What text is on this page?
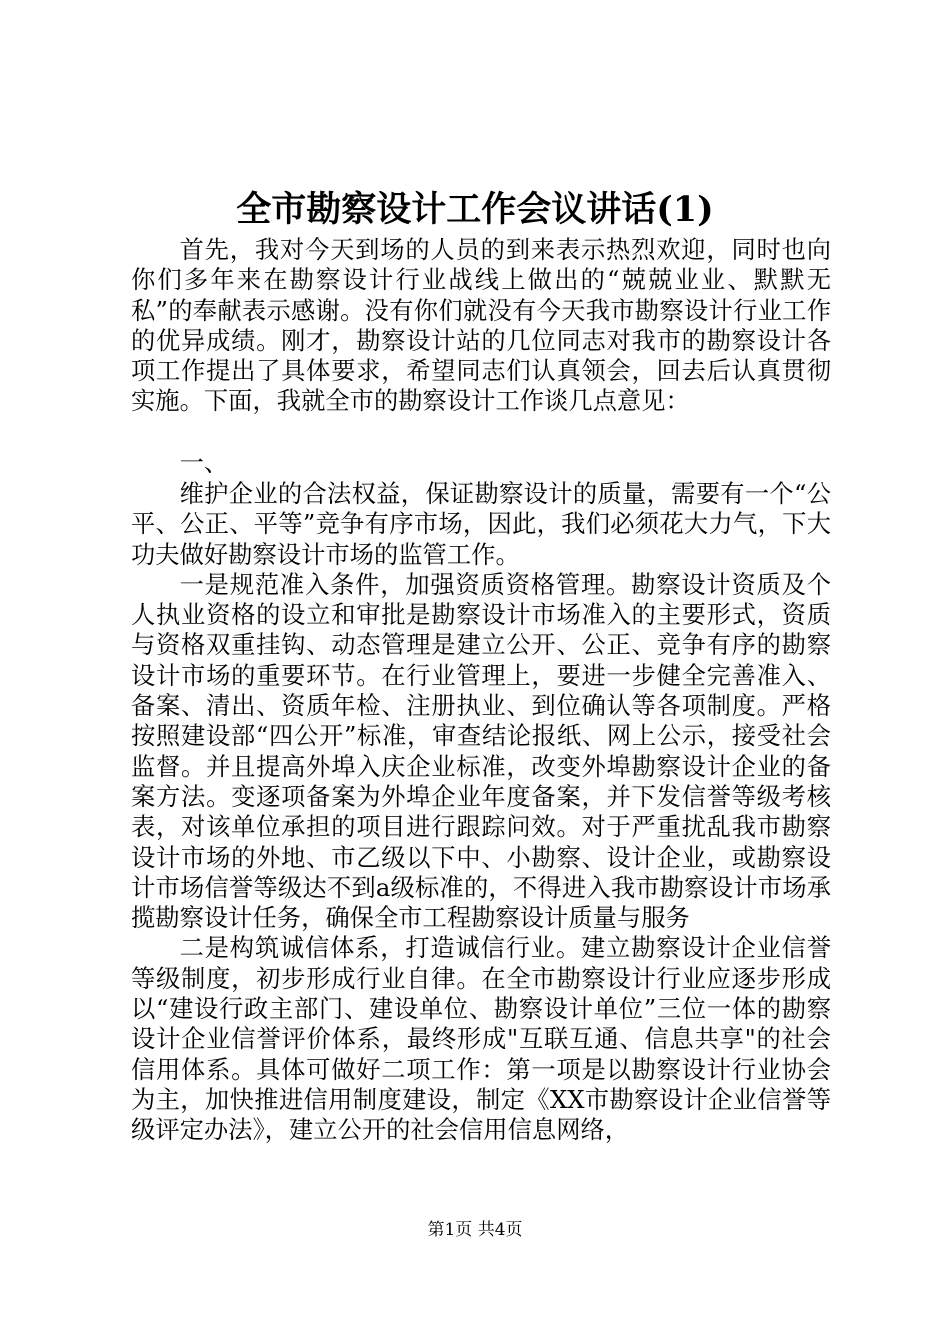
全市勘察设计工作会议讲话(1)

首先，我对今天到场的人员的到来表示热烈欢迎，同时也向你们多年来在勘察设计行业战线上做出的“兢兢业业、默默无私”的奉献表示感谢。没有你们就没有今天我市勘察设计行业工作的优异成绩。刚才，勘察设计站的几位同志对我市的勘察设计各项工作提出了具体要求，希望同志们认真领会，回去后认真贯彻实施。下面，我就全市的勘察设计工作谈几点意见：

一、

维护企业的合法权益，保证勘察设计的质量，需要有一个“公平、公正、平等”竞争有序市场，因此，我们必须花大力气，下大功夫做好勘察设计市场的监管工作。

一是规范准入条件，加强资质资格管理。勘察设计资质及个人执业资格的设立和审批是勘察设计市场准入的主要形式，资质与资格双重挂钩、动态管理是建立公开、公正、竞争有序的勘察设计市场的重要环节。在行业管理上，要进一步健全完善准入、备案、清出、资质年检、注册执业、到位确认等各项制度。严格按照建设部“四公开”标准，审查结论报纸、网上公示，接受社会监督。并且提高外埠入庆企业标准，改变外埠勘察设计企业的备案方法。变逐项备案为外埠企业年度备案，并下发信誉等级考核表，对该单位承担的项目进行跟踪问效。对于严重扰乱我市勘察设计市场的外地、市乙级以下中、小勘察、设计企业，或勘察设计市场信誉等级达不到a级标准的，不得进入我市勘察设计市场承揽勘察设计任务，确保全市工程勘察设计质量与服务

二是构筑诚信体系，打造诚信行业。建立勘察设计企业信誉等级制度，初步形成行业自律。在全市勘察设计行业应逐步形成以“建设行政主部门、建设单位、勘察设计单位”三位一体的勘察设计企业信誉评价体系，最终形成"互联互通、信息共享"的社会信用体系。具体可做好二项工作：第一项是以勘察设计行业协会为主，加快推进信用制度建设，制定《XX市勘察设计企业信誉等级评定办法》，建立公开的社会信用信息网络，

第1页 共4页
